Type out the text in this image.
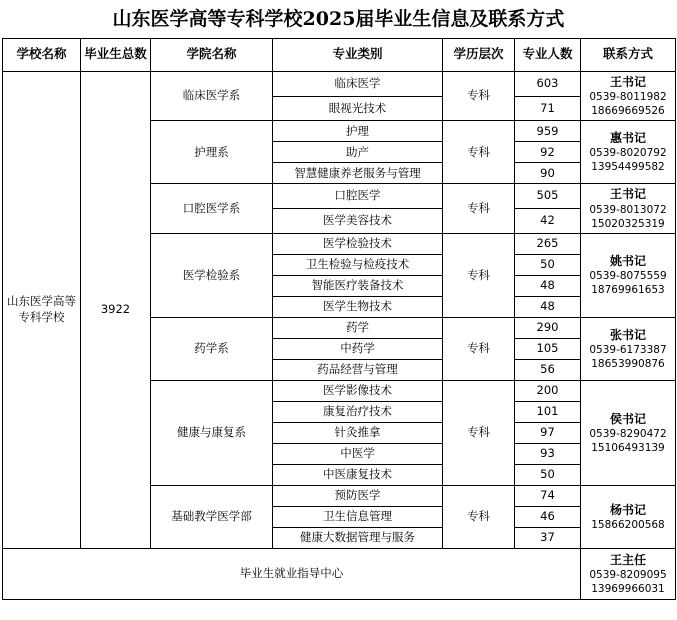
山东医学高等专科学校2025届毕业生信息及联系方式
学校名称	毕业生总数	学院名称	专业类别	学历层次	专业人数	联系方式
山东医学高等专科学校	3922	临床医学系	临床医学	专科	603	王书记
0539-8011982
18669669526

			眼视光技术		71	
		护理系	护理	专科	959	惠书记
0539-8020792
13954499582

			助产		92	
			智慧健康养老服务与管理		90	
		口腔医学系	口腔医学	专科	505	王书记
0539-8013072
15020325319

			医学美容技术		42	
		医学检验系	医学检验技术	专科	265	姚书记
0539-8075559
18769961653

			卫生检验与检疫技术		50	
			智能医疗装备技术		48	
			医学生物技术		48	
		药学系	药学	专科	290	张书记
0539-6173387
18653990876

			中药学		105	
			药品经营与管理		56	
		健康与康复系	医学影像技术	专科	200	侯书记
0539-8290472
15106493139

			康复治疗技术		101	
			针灸推拿		97	
			中医学		93	
			中医康复技术		50	
		基础教学医学部	预防医学	专科	74	杨书记
15866200568

			卫生信息管理		46	
			健康大数据管理与服务		37	
毕业生就业指导中心						王主任
0539-8209095
13969966031
